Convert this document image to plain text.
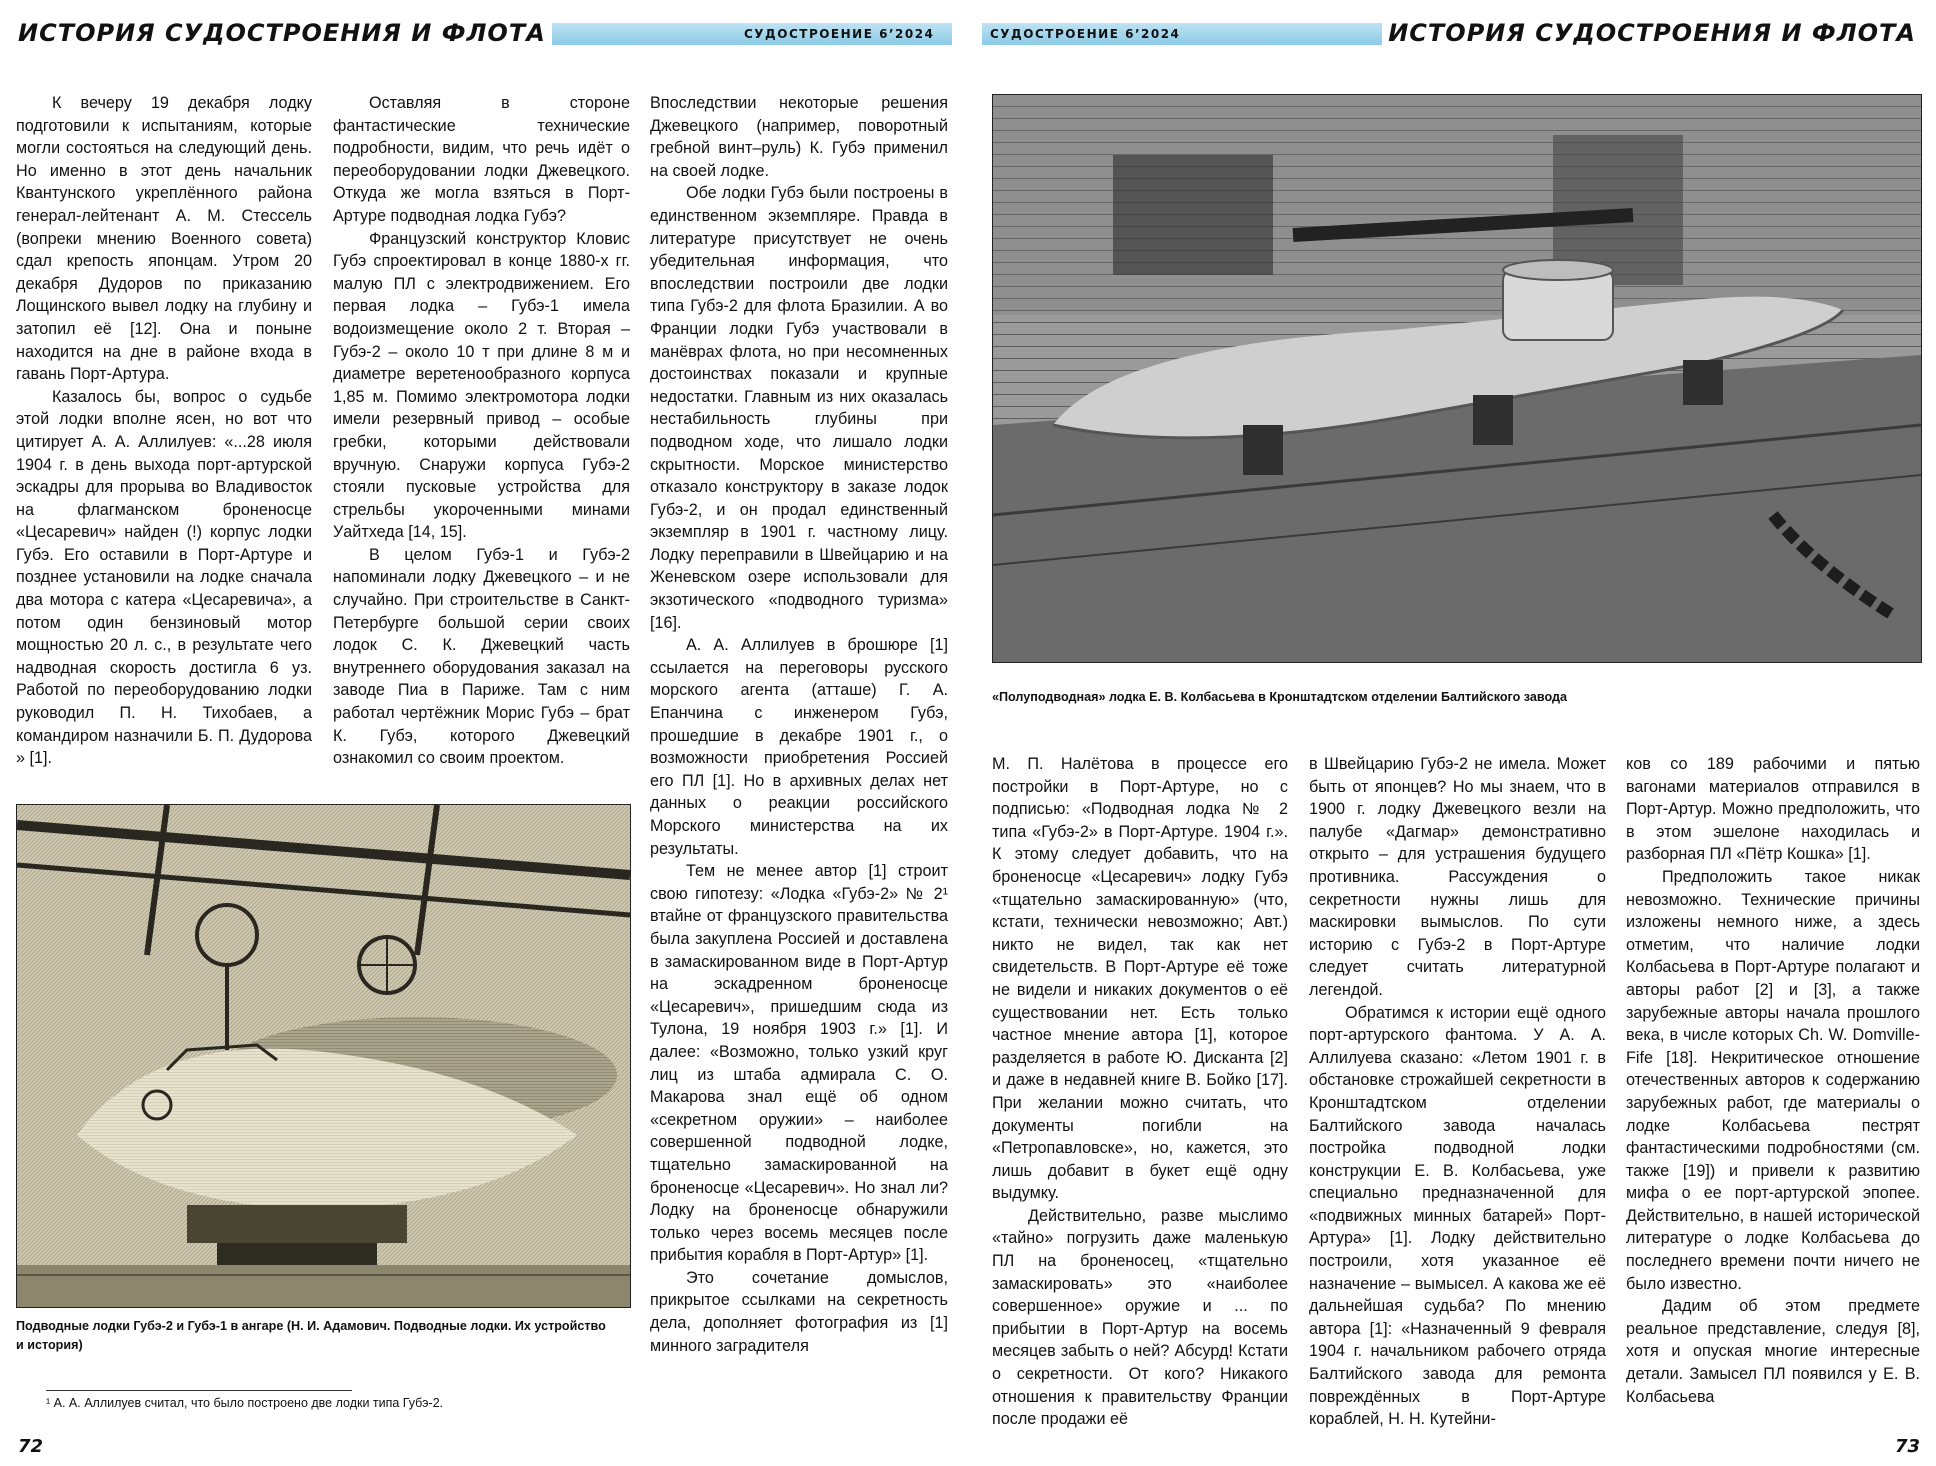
ИСТОРИЯ СУДОСТРОЕНИЯ И ФЛОТА	СУДОСТРОЕНИЕ 6’2024

К вечеру 19 декабря лодку подготовили к испытаниям, которые могли состояться на следующий день. Но именно в этот день начальник Квантунского укреплённого района генерал-лейтенант А. М. Стессель (вопреки мнению Военного совета) сдал крепость японцам. Утром 20 декабря Дудоров по приказанию Лощинского вывел лодку на глубину и затопил её [12]. Она и поныне находится на дне в районе входа в гавань Порт-Артура.

Казалось бы, вопрос о судьбе этой лодки вполне ясен, но вот что цитирует А. А. Аллилуев: «...28 июля 1904 г. в день выхода порт-артурской эскадры для прорыва во Владивосток на флагманском броненосце «Цесаревич» найден (!) корпус лодки Губэ. Его оставили в Порт-Артуре и позднее установили на лодке сначала два мотора с катера «Цесаревича», а потом один бензиновый мотор мощностью 20 л. с., в результате чего надводная скорость достигла 6 уз. Работой по переоборудованию лодки руководил П. Н. Тихобаев, а командиром назначили Б. П. Дудорова » [1].

Оставляя в стороне фантастические технические подробности, видим, что речь идёт о переоборудовании лодки Джевецкого. Откуда же могла взяться в Порт-Артуре подводная лодка Губэ?

Французский конструктор Кловис Губэ спроектировал в конце 1880-х гг. малую ПЛ с электродвижением. Его первая лодка – Губэ-1 имела водоизмещение около 2 т. Вторая – Губэ-2 – около 10 т при длине 8 м и диаметре веретенообразного корпуса 1,85 м. Помимо электромотора лодки имели резервный привод – особые гребки, которыми действовали вручную. Снаружи корпуса Губэ-2 стояли пусковые устройства для стрельбы укороченными минами Уайтхеда [14, 15].

В целом Губэ-1 и Губэ-2 напоминали лодку Джевецкого – и не случайно. При строительстве в Санкт-Петербурге большой серии своих лодок С. К. Джевецкий часть внутреннего оборудования заказал на заводе Пиа в Париже. Там с ним работал чертёжник Морис Губэ – брат К. Губэ, которого Джевецкий ознакомил со своим проектом.

Впоследствии некоторые решения Джевецкого (например, поворотный гребной винт–руль) К. Губэ применил на своей лодке.

Обе лодки Губэ были построены в единственном экземпляре. Правда в литературе присутствует не очень убедительная информация, что впоследствии построили две лодки типа Губэ-2 для флота Бразилии. А во Франции лодки Губэ участвовали в манёврах флота, но при несомненных достоинствах показали и крупные недостатки. Главным из них оказалась нестабильность глубины при подводном ходе, что лишало лодки скрытности. Морское министерство отказало конструктору в заказе лодок Губэ-2, и он продал единственный экземпляр в 1901 г. частному лицу. Лодку переправили в Швейцарию и на Женевском озере использовали для экзотического «подводного туризма» [16].

А. А. Аллилуев в брошюре [1] ссылается на переговоры русского морского агента (атташе) Г. А. Епанчина с инженером Губэ, прошедшие в декабре 1901 г., о возможности приобретения Россией его ПЛ [1]. Но в архивных делах нет данных о реакции российского Морского министерства на их результаты.

Тем не менее автор [1] строит свою гипотезу: «Лодка «Губэ-2» № 2¹ втайне от французского правительства была закуплена Россией и доставлена в замаскированном виде в Порт-Артур на эскадренном броненосце «Цесаревич», пришедшим сюда из Тулона, 19 ноября 1903 г.» [1]. И далее: «Возможно, только узкий круг лиц из штаба адмирала С. О. Макарова знал ещё об одном «секретном оружии» – наиболее совершенной подводной лодке, тщательно замаскированной на броненосце «Цесаревич». Но знал ли? Лодку на броненосце обнаружили только через восемь месяцев после прибытия корабля в Порт-Артур» [1].

Это сочетание домыслов, прикрытое ссылками на секретность дела, дополняет фотография из [1] минного заградителя

Подводные лодки Губэ-2 и Губэ-1 в ангаре (Н. И. Адамович. Подводные лодки. Их устройство и история)
¹ А. А. Аллилуев считал, что было построено две лодки типа Губэ-2.
72
СУДОСТРОЕНИЕ 6’2024	ИСТОРИЯ СУДОСТРОЕНИЯ И ФЛОТА
«Полуподводная» лодка Е. В. Колбасьева в Кронштадтском отделении Балтийского завода

М. П. Налётова в процессе его постройки в Порт-Артуре, но с подписью: «Подводная лодка № 2 типа «Губэ-2» в Порт-Артуре. 1904 г.». К этому следует добавить, что на броненосце «Цесаревич» лодку Губэ «тщательно замаскированную» (что, кстати, технически невозможно; Авт.) никто не видел, так как нет свидетельств. В Порт-Артуре её тоже не видели и никаких документов о её существовании нет. Есть только частное мнение автора [1], которое разделяется в работе Ю. Дисканта [2] и даже в недавней книге В. Бойко [17]. При желании можно считать, что документы погибли на «Петропавловске», но, кажется, это лишь добавит в букет ещё одну выдумку.

Действительно, разве мыслимо «тайно» погрузить даже маленькую ПЛ на броненосец, «тщательно замаскировать» это «наиболее совершенное» оружие и ... по прибытии в Порт-Артур на восемь месяцев забыть о ней? Абсурд! Кстати о секретности. От кого? Никакого отношения к правительству Франции после продажи её

в Швейцарию Губэ-2 не имела. Может быть от японцев? Но мы знаем, что в 1900 г. лодку Джевецкого везли на палубе «Дагмар» демонстративно открыто – для устрашения будущего противника. Рассуждения о секретности нужны лишь для маскировки вымыслов. По сути историю с Губэ-2 в Порт-Артуре следует считать литературной легендой.

Обратимся к истории ещё одного порт-артурского фантома. У А. А. Аллилуева сказано: «Летом 1901 г. в обстановке строжайшей секретности в Кронштадтском отделении Балтийского завода началась постройка подводной лодки конструкции Е. В. Колбасьева, уже специально предназначенной для «подвижных минных батарей» Порт-Артура» [1]. Лодку действительно построили, хотя указанное её назначение – вымысел. А какова же её дальнейшая судьба? По мнению автора [1]: «Назначенный 9 февраля 1904 г. начальником рабочего отряда Балтийского завода для ремонта повреждённых в Порт-Артуре кораблей, Н. Н. Кутейни-

ков со 189 рабочими и пятью вагонами материалов отправился в Порт-Артур. Можно предположить, что в этом эшелоне находилась и разборная ПЛ «Пётр Кошка» [1].

Предположить такое никак невозможно. Технические причины изложены немного ниже, а здесь отметим, что наличие лодки Колбасьева в Порт-Артуре полагают и авторы работ [2] и [3], а также зарубежные авторы начала прошлого века, в числе которых Ch. W. Domville-Fife [18]. Некритическое отношение отечественных авторов к содержанию зарубежных работ, где материалы о лодке Колбасьева пестрят фантастическими подробностями (см. также [19]) и привели к развитию мифа о ее порт-артурской эпопее. Действительно, в нашей исторической литературе о лодке Колбасьева до последнего времени почти ничего не было известно.

Дадим об этом предмете реальное представление, следуя [8], хотя и опуская многие интересные детали. Замысел ПЛ появился у Е. В. Колбасьева

73
